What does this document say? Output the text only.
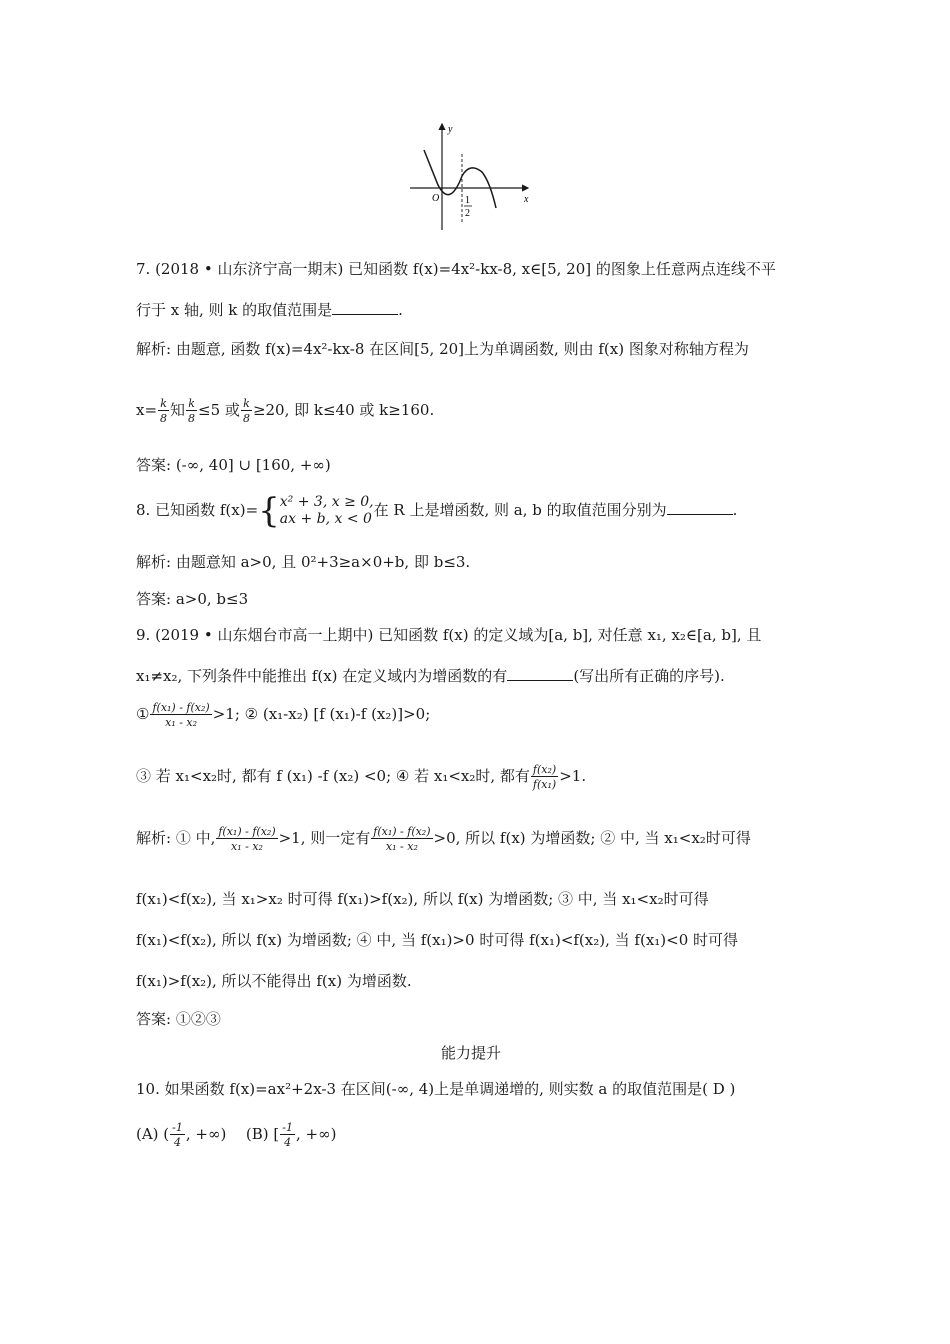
y
x
O	1
2
7. (2018 • 山东济宁高一期末) 已知函数 f(x)=4x²-kx-8, x∈[5, 20] 的图象上任意两点连线不平
行于 x 轴, 则 k 的取值范围是	.
解析: 由题意, 函数 f(x)=4x²-kx-8 在区间[5, 20]上为单调函数, 则由 f(x) 图象对称轴方程为
$x= \frac{k}{8}$ 知 $\frac{k}{8} \le 5$ 或 $\frac{k}{8} \ge 20$, 即 k≤40 或 k≥160.
答案: (-∞, 40] ∪ [160, +∞)
8. 已知函数 f(x)={ x² + 3, x ≥ 0,
ax + b, x < 0 在 R 上是增函数, 则 a, b 的取值范围分别为	.
解析: 由题意知 a>0, 且 0²+3≥a×0+b, 即 b≤3.
答案: a>0, b≤3
9. (2019 • 山东烟台市高一上期中) 已知函数 f(x) 的定义域为[a, b], 对任意 x₁, x₂∈[a, b], 且
x₁≠x₂, 下列条件中能推出 f(x) 在定义域内为增函数的有	(写出所有正确的序号).
① $\frac{\text{f(x₁) - f(x₂)}}{\text{x₁ - x₂}} >1$; ② (x₁-x₂) [f (x₁)-f (x₂)]>0;
③ 若 x₁<x₂时, 都有 f (x₁) -f (x₂) <0; ④ 若 x₁<x₂时, 都有 $\frac{\text{f(x₂)}}{\text{f(x₁)}} >1$.
解析: ① 中, $\frac{\text{f(x₁) - f(x₂)}}{\text{x₁ - x₂}} >1$, 则一定有 $\frac{\text{f(x₁) - f(x₂)}}{\text{x₁ - x₂}} >0$, 所以 f(x) 为增函数; ② 中, 当 x₁<x₂时可得
f(x₁)<f(x₂), 当 x₁>x₂ 时可得 f(x₁)>f(x₂), 所以 f(x) 为增函数; ③ 中, 当 x₁<x₂时可得
f(x₁)<f(x₂), 所以 f(x) 为增函数; ④ 中, 当 f(x₁)>0 时可得 f(x₁)<f(x₂), 当 f(x₁)<0 时可得
f(x₁)>f(x₂), 所以不能得出 f(x) 为增函数.
答案: ①②③
能力提升
10. 如果函数 f(x)=ax²+2x-3 在区间(-∞, 4)上是单调递增的, 则实数 a 的取值范围是( D )
(A) ( $\frac{-1}{4}$ , +∞) (B) [ $\frac{-1}{4}$ , +∞)
